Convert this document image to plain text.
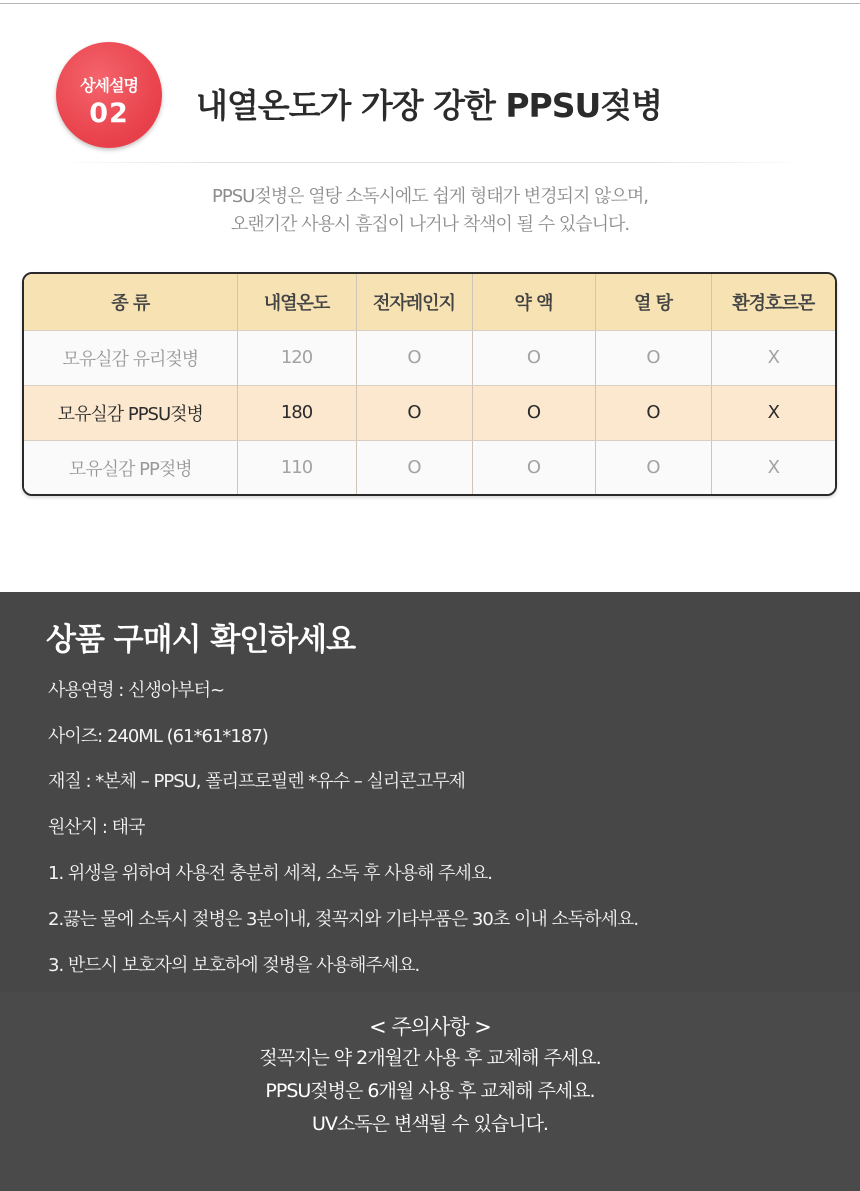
상세설명
02	내열온도가 가장 강한 PPSU젖병
PPSU젖병은 열탕 소독시에도 쉽게 형태가 변경되지 않으며,
오랜기간 사용시 흠집이 나거나 착색이 될 수 있습니다.
종 류	내열온도	전자레인지	약 액	열 탕	환경호르몬
모유실감 유리젖병	120	O	O	O	X
모유실감 PPSU젖병	180	O	O	O	X
모유실감 PP젖병	110	O	O	O	X
상품 구매시 확인하세요
사용연령 : 신생아부터~
사이즈: 240ML (61*61*187)
재질 : *본체 – PPSU, 폴리프로필렌 *유수 – 실리콘고무제
원산지 : 태국
1. 위생을 위하여 사용전 충분히 세척, 소독 후 사용해 주세요.
2.끓는 물에 소독시 젖병은 3분이내, 젖꼭지와 기타부품은 30초 이내 소독하세요.
3. 반드시 보호자의 보호하에 젖병을 사용해주세요.
< 주의사항 >
젖꼭지는 약 2개월간 사용 후 교체해 주세요.
PPSU젖병은 6개월 사용 후 교체해 주세요.
UV소독은 변색될 수 있습니다.
